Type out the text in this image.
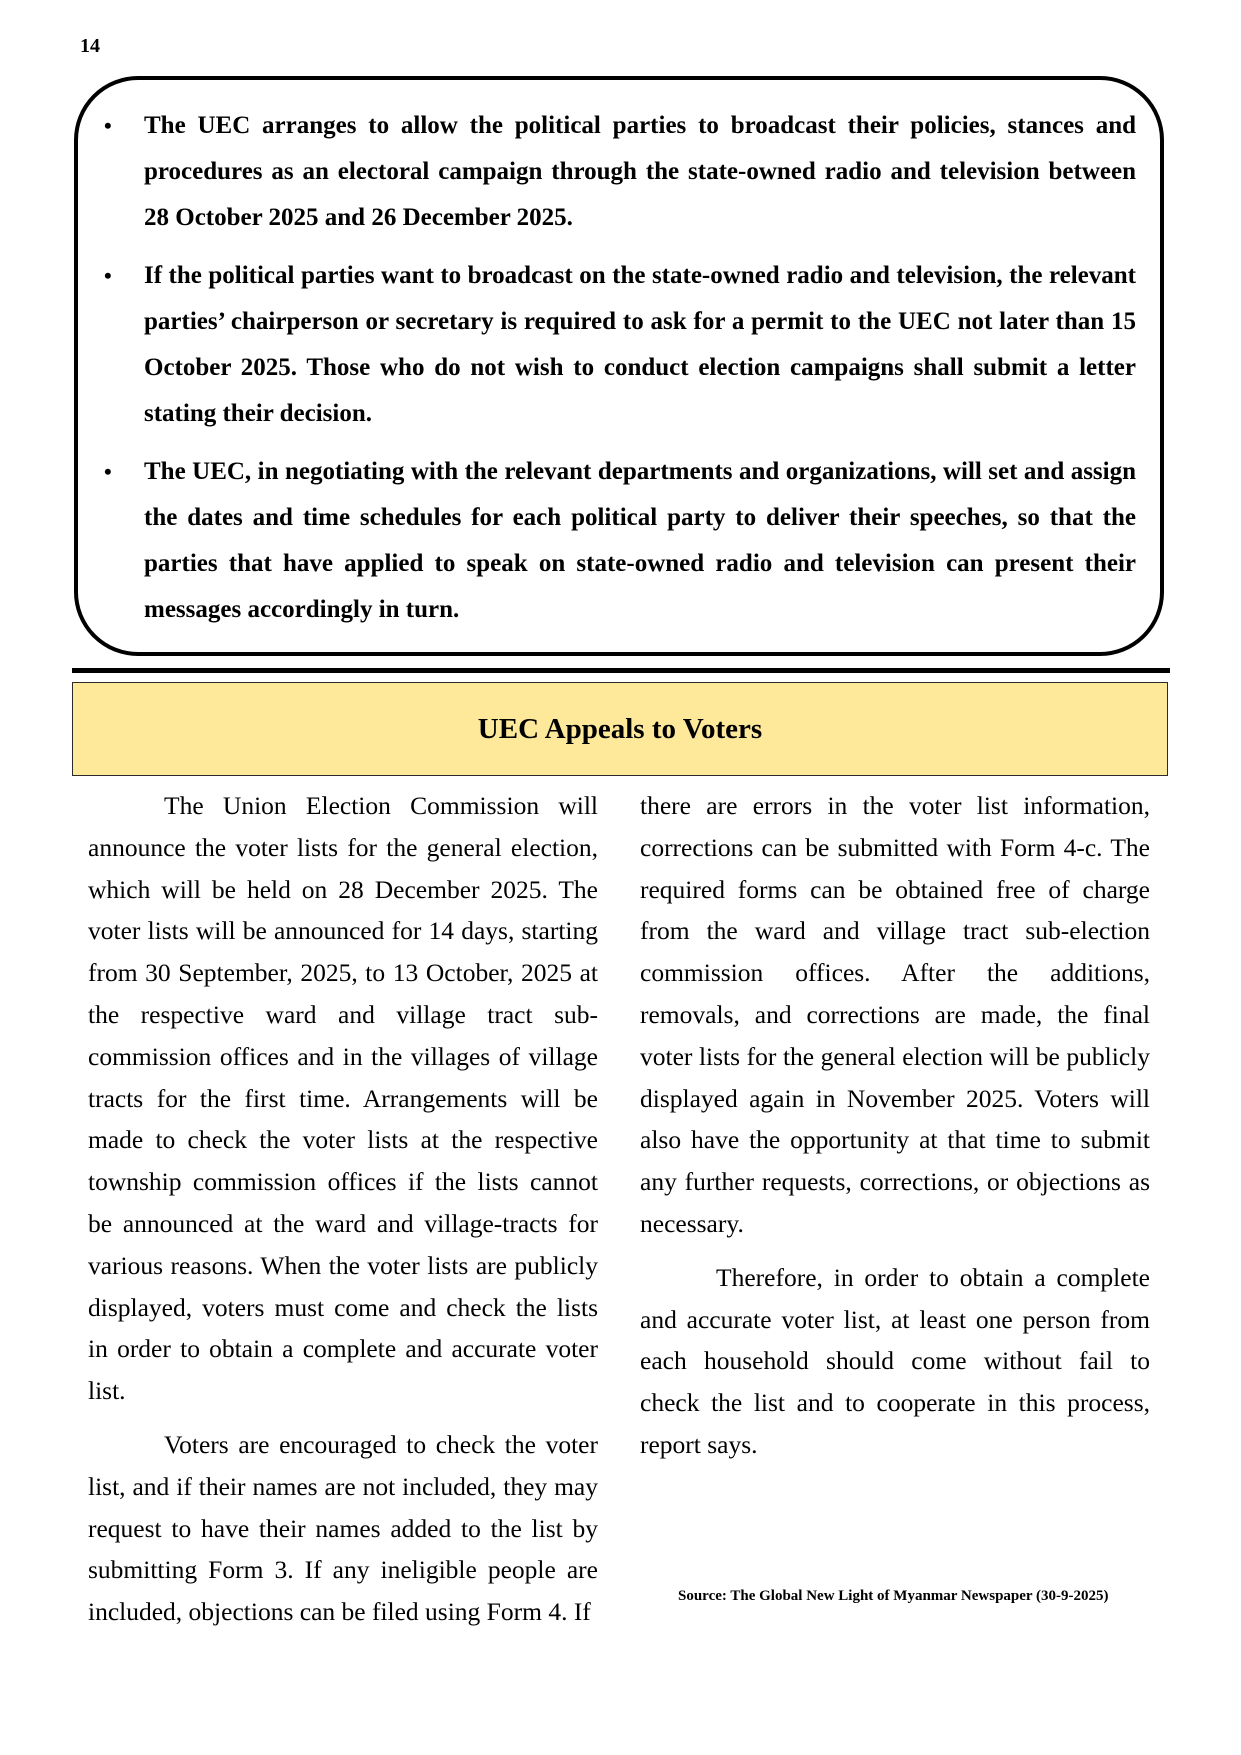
14
• The UEC arranges to allow the political parties to broadcast their policies, stances and procedures as an electoral campaign through the state-owned radio and television between 28 October 2025 and 26 December 2025.
• If the political parties want to broadcast on the state-owned radio and television, the relevant parties’ chairperson or secretary is required to ask for a permit to the UEC not later than 15 October 2025. Those who do not wish to conduct election campaigns shall submit a letter stating their decision.
• The UEC, in negotiating with the relevant departments and organizations, will set and assign the dates and time schedules for each political party to deliver their speeches, so that the parties that have applied to speak on state-owned radio and television can present their messages accordingly in turn.
UEC Appeals to Voters

The Union Election Commission will announce the voter lists for the general election, which will be held on 28 December 2025. The voter lists will be announced for 14 days, starting from 30 September, 2025, to 13 October, 2025 at the respective ward and village tract sub-commission offices and in the villages of village tracts for the first time. Arrangements will be made to check the voter lists at the respective township commission offices if the lists cannot be announced at the ward and village-tracts for various reasons. When the voter lists are publicly displayed, voters must come and check the lists in order to obtain a complete and accurate voter list.

Voters are encouraged to check the voter list, and if their names are not included, they may request to have their names added to the list by submitting Form 3. If any ineligible people are included, objections can be filed using Form 4. If

there are errors in the voter list information, corrections can be submitted with Form 4-c. The required forms can be obtained free of charge from the ward and village tract sub-election commission offices. After the additions, removals, and corrections are made, the final voter lists for the general election will be publicly displayed again in November 2025. Voters will also have the opportunity at that time to submit any further requests, corrections, or objections as necessary.

Therefore, in order to obtain a complete and accurate voter list, at least one person from each household should come without fail to check the list and to cooperate in this process, report says.

Source: The Global New Light of Myanmar Newspaper (30-9-2025)
